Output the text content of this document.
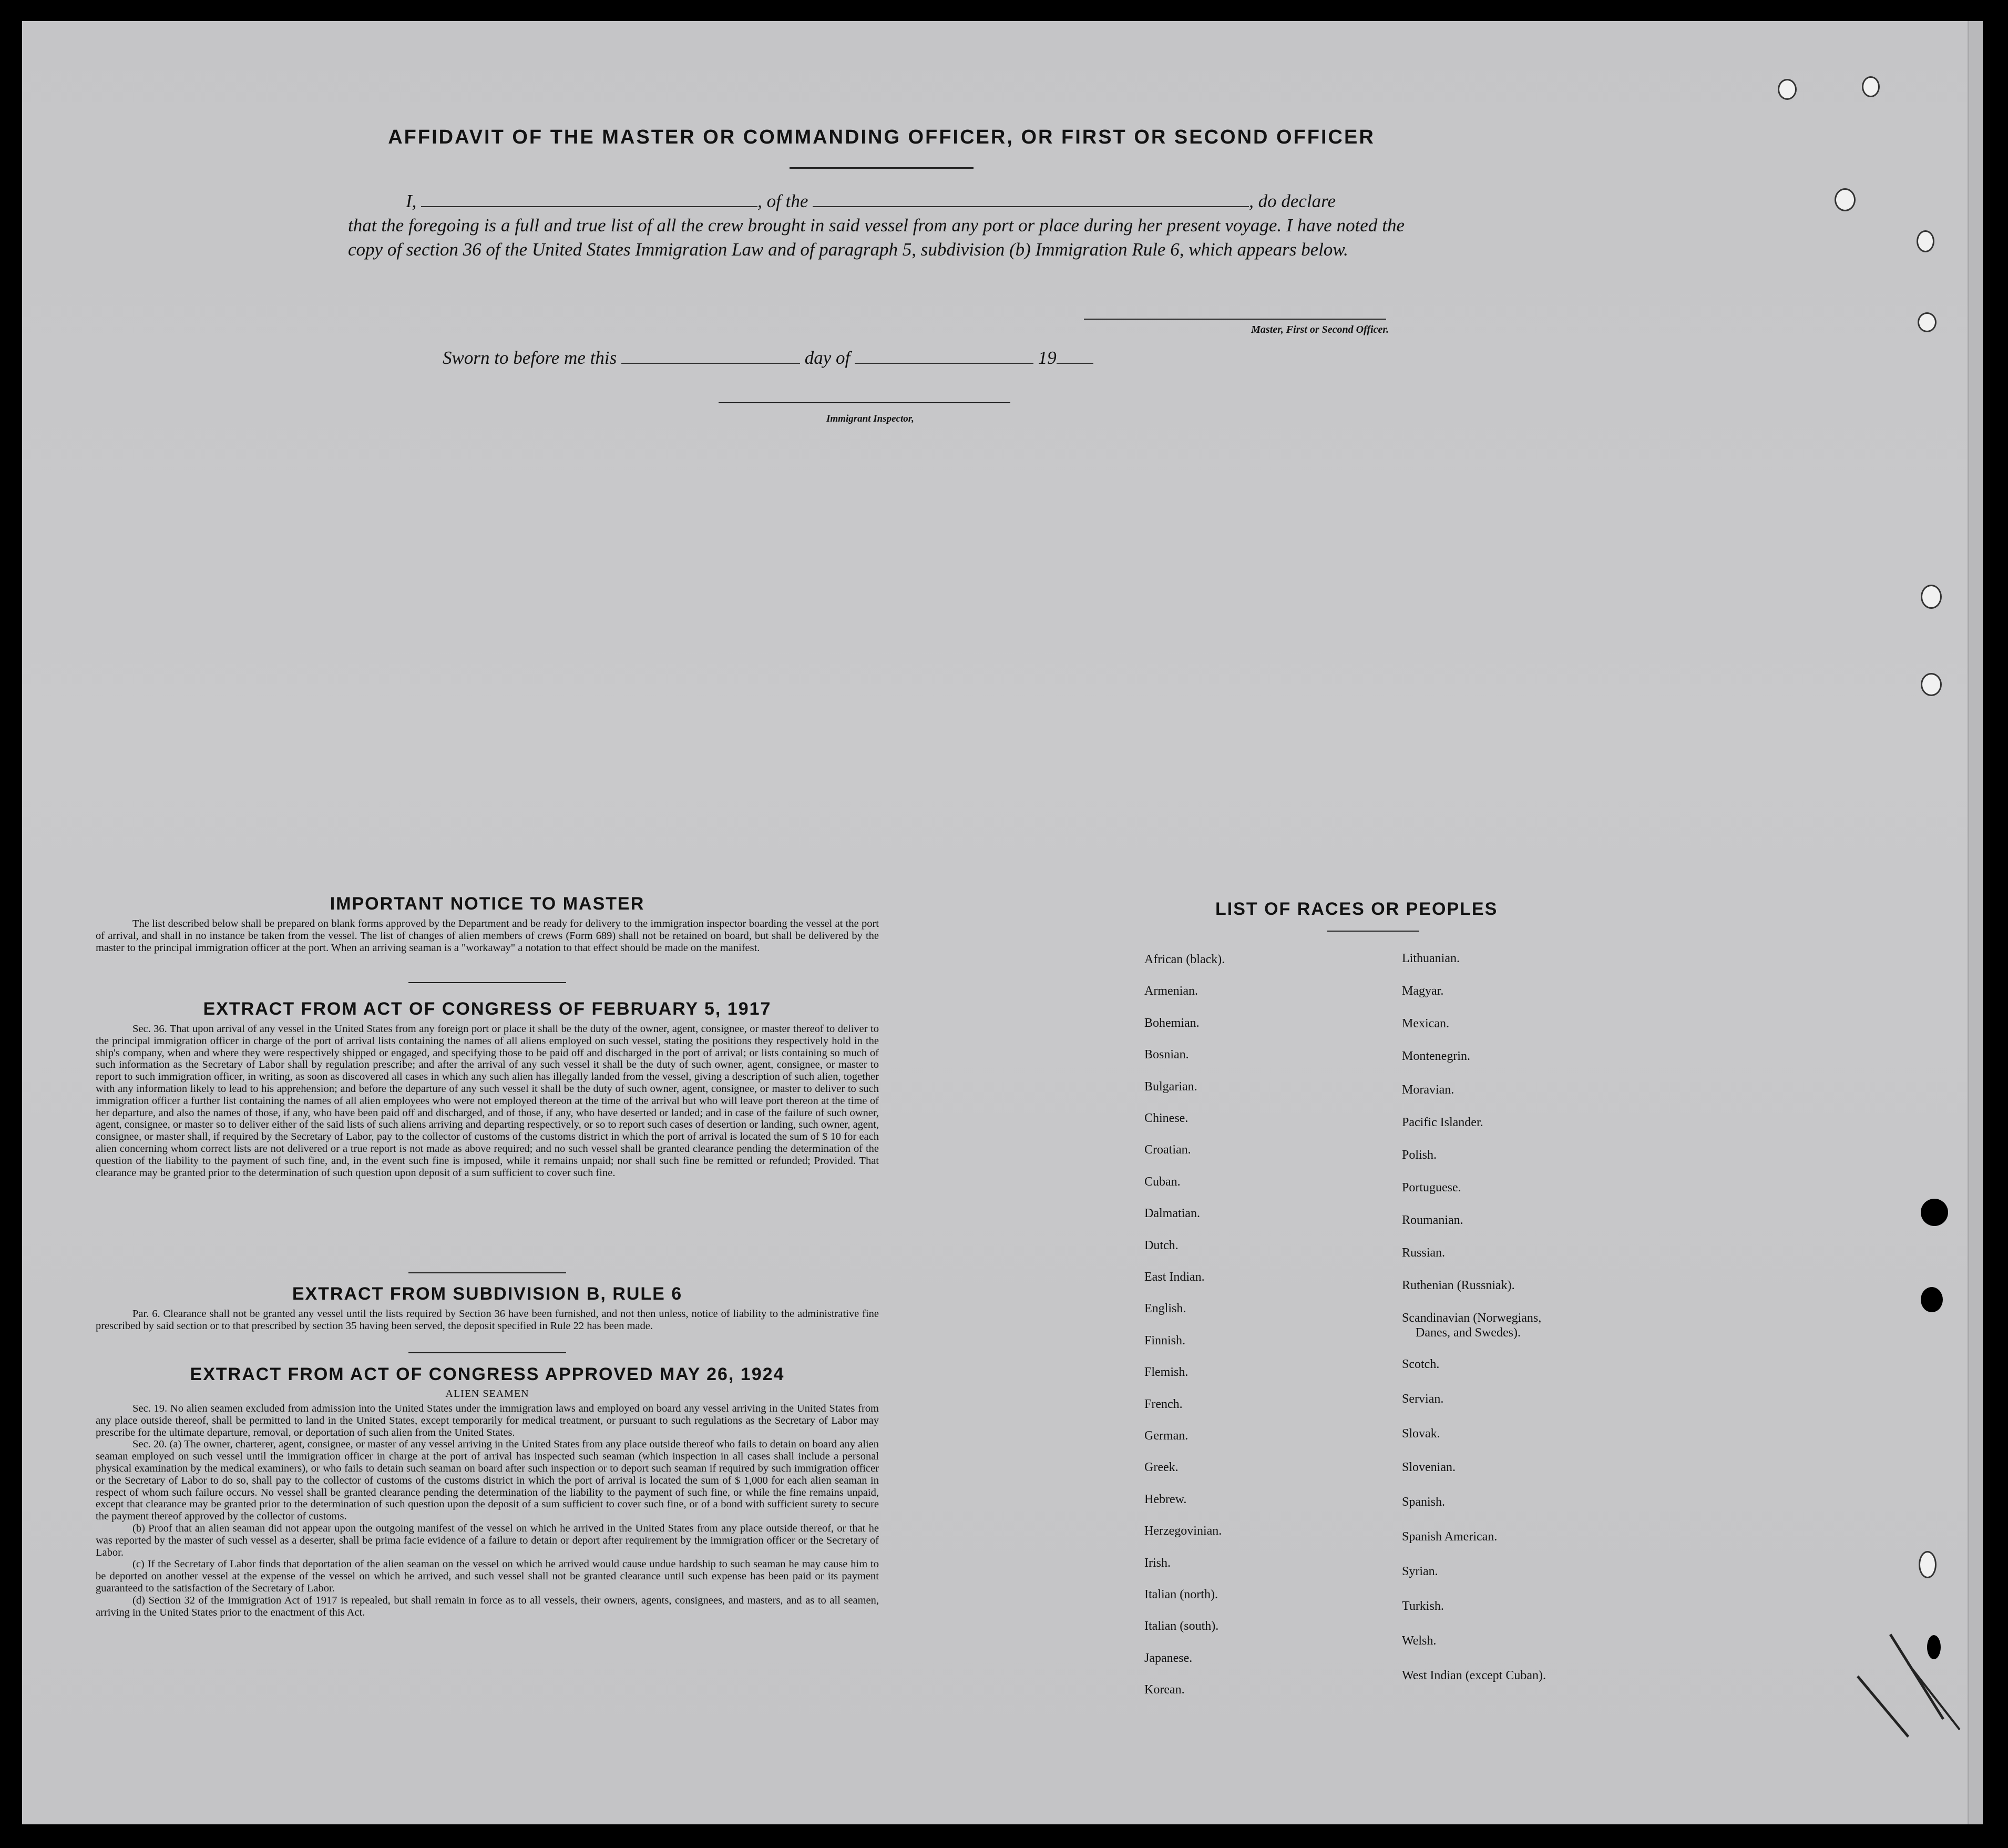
AFFIDAVIT OF THE MASTER OR COMMANDING OFFICER, OR FIRST OR SECOND OFFICER

I,	, of the	, do declare

that the foregoing is a full and true list of all the crew brought in said vessel from any port or place during her present voyage. I have noted the copy of section 36 of the United States Immigration Law and of paragraph 5, subdivision (b) Immigration Rule 6, which appears below.

Master, First or Second Officer.
Sworn to before me this	day of	19
Immigrant Inspector,
IMPORTANT NOTICE TO MASTER

The list described below shall be prepared on blank forms approved by the Department and be ready for delivery to the immigration inspector boarding the vessel at the port of arrival, and shall in no instance be taken from the vessel. The list of changes of alien members of crews (Form 689) shall not be retained on board, but shall be delivered by the master to the principal immigration officer at the port. When an arriving seaman is a "workaway" a notation to that effect should be made on the manifest.

EXTRACT FROM ACT OF CONGRESS OF FEBRUARY 5, 1917

Sec. 36. That upon arrival of any vessel in the United States from any foreign port or place it shall be the duty of the owner, agent, consignee, or master thereof to deliver to the principal immigration officer in charge of the port of arrival lists containing the names of all aliens employed on such vessel, stating the positions they respectively hold in the ship's company, when and where they were respectively shipped or engaged, and specifying those to be paid off and discharged in the port of arrival; or lists containing so much of such information as the Secretary of Labor shall by regulation prescribe; and after the arrival of any such vessel it shall be the duty of such owner, agent, consignee, or master to report to such immigration officer, in writing, as soon as discovered all cases in which any such alien has illegally landed from the vessel, giving a description of such alien, together with any information likely to lead to his apprehension; and before the departure of any such vessel it shall be the duty of such owner, agent, consignee, or master to deliver to such immigration officer a further list containing the names of all alien employees who were not employed thereon at the time of the arrival but who will leave port thereon at the time of her departure, and also the names of those, if any, who have been paid off and discharged, and of those, if any, who have deserted or landed; and in case of the failure of such owner, agent, consignee, or master so to deliver either of the said lists of such aliens arriving and departing respectively, or so to report such cases of desertion or landing, such owner, agent, consignee, or master shall, if required by the Secretary of Labor, pay to the collector of customs of the customs district in which the port of arrival is located the sum of $ 10 for each alien concerning whom correct lists are not delivered or a true report is not made as above required; and no such vessel shall be granted clearance pending the determination of the question of the liability to the payment of such fine, and, in the event such fine is imposed, while it remains unpaid; nor shall such fine be remitted or refunded; Provided. That clearance may be granted prior to the determination of such question upon deposit of a sum sufficient to cover such fine.

EXTRACT FROM SUBDIVISION B, RULE 6

Par. 6. Clearance shall not be granted any vessel until the lists required by Section 36 have been furnished, and not then unless, notice of liability to the administrative fine prescribed by said section or to that prescribed by section 35 having been served, the deposit specified in Rule 22 has been made.

EXTRACT FROM ACT OF CONGRESS APPROVED MAY 26, 1924
ALIEN SEAMEN

Sec. 19. No alien seamen excluded from admission into the United States under the immigration laws and employed on board any vessel arriving in the United States from any place outside thereof, shall be permitted to land in the United States, except temporarily for medical treatment, or pursuant to such regulations as the Secretary of Labor may prescribe for the ultimate departure, removal, or deportation of such alien from the United States.

Sec. 20. (a) The owner, charterer, agent, consignee, or master of any vessel arriving in the United States from any place outside thereof who fails to detain on board any alien seaman employed on such vessel until the immigration officer in charge at the port of arrival has inspected such seaman (which inspection in all cases shall include a personal physical examination by the medical examiners), or who fails to detain such seaman on board after such inspection or to deport such seaman if required by such immigration officer or the Secretary of Labor to do so, shall pay to the collector of customs of the customs district in which the port of arrival is located the sum of $ 1,000 for each alien seaman in respect of whom such failure occurs. No vessel shall be granted clearance pending the determination of the liability to the payment of such fine, or while the fine remains unpaid, except that clearance may be granted prior to the determination of such question upon the deposit of a sum sufficient to cover such fine, or of a bond with sufficient surety to secure the payment thereof approved by the collector of customs.

(b) Proof that an alien seaman did not appear upon the outgoing manifest of the vessel on which he arrived in the United States from any place outside thereof, or that he was reported by the master of such vessel as a deserter, shall be prima facie evidence of a failure to detain or deport after requirement by the immigration officer or the Secretary of Labor.

(c) If the Secretary of Labor finds that deportation of the alien seaman on the vessel on which he arrived would cause undue hardship to such seaman he may cause him to be deported on another vessel at the expense of the vessel on which he arrived, and such vessel shall not be granted clearance until such expense has been paid or its payment guaranteed to the satisfaction of the Secretary of Labor.

(d) Section 32 of the Immigration Act of 1917 is repealed, but shall remain in force as to all vessels, their owners, agents, consignees, and masters, and as to all seamen, arriving in the United States prior to the enactment of this Act.

LIST OF RACES OR PEOPLES
African (black).
Armenian.
Bohemian.
Bosnian.
Bulgarian.
Chinese.
Croatian.
Cuban.
Dalmatian.
Dutch.
East Indian.
English.
Finnish.
Flemish.
French.
German.
Greek.
Hebrew.
Herzegovinian.
Irish.
Italian (north).
Italian (south).
Japanese.
Korean.
Lithuanian.
Magyar.
Mexican.
Montenegrin.
Moravian.
Pacific Islander.
Polish.
Portuguese.
Roumanian.
Russian.
Ruthenian (Russniak).
Scandinavian (Norwegians,
Danes, and Swedes).
Scotch.
Servian.
Slovak.
Slovenian.
Spanish.
Spanish American.
Syrian.
Turkish.
Welsh.
West Indian (except Cuban).
